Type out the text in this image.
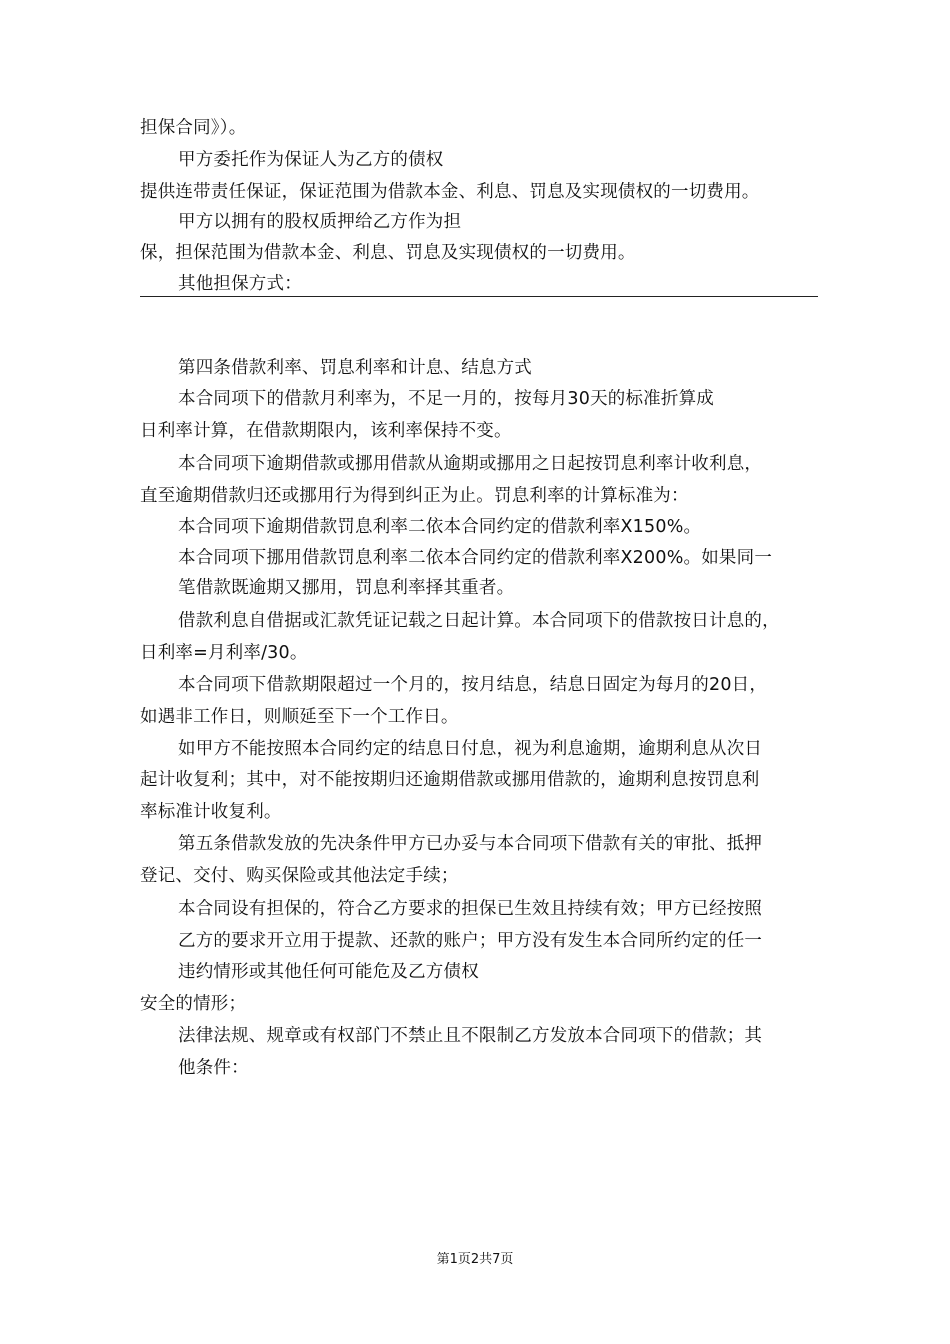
担保合同》）。
甲方委托作为保证人为乙方的债权
提供连带责任保证，保证范围为借款本金、利息、罚息及实现债权的一切费用。
甲方以拥有的股权质押给乙方作为担
保，担保范围为借款本金、利息、罚息及实现债权的一切费用。
其他担保方式：
第四条借款利率、罚息利率和计息、结息方式
本合同项下的借款月利率为，不足一月的，按每月30天的标准折算成
日利率计算，在借款期限内，该利率保持不变。
本合同项下逾期借款或挪用借款从逾期或挪用之日起按罚息利率计收利息，
直至逾期借款归还或挪用行为得到纠正为止。罚息利率的计算标准为：
本合同项下逾期借款罚息利率二依本合同约定的借款利率X150%。
本合同项下挪用借款罚息利率二依本合同约定的借款利率X200%。如果同一
笔借款既逾期又挪用，罚息利率择其重者。
借款利息自借据或汇款凭证记载之日起计算。本合同项下的借款按日计息的，
日利率=月利率/30。
本合同项下借款期限超过一个月的，按月结息，结息日固定为每月的20日，
如遇非工作日，则顺延至下一个工作日。
如甲方不能按照本合同约定的结息日付息，视为利息逾期，逾期利息从次日
起计收复利；其中，对不能按期归还逾期借款或挪用借款的，逾期利息按罚息利
率标准计收复利。
第五条借款发放的先决条件甲方已办妥与本合同项下借款有关的审批、抵押
登记、交付、购买保险或其他法定手续；
本合同设有担保的，符合乙方要求的担保已生效且持续有效；甲方已经按照
乙方的要求开立用于提款、还款的账户；甲方没有发生本合同所约定的任一
违约情形或其他任何可能危及乙方债权
安全的情形；
法律法规、规章或有权部门不禁止且不限制乙方发放本合同项下的借款；其
他条件：
第1页2共7页
